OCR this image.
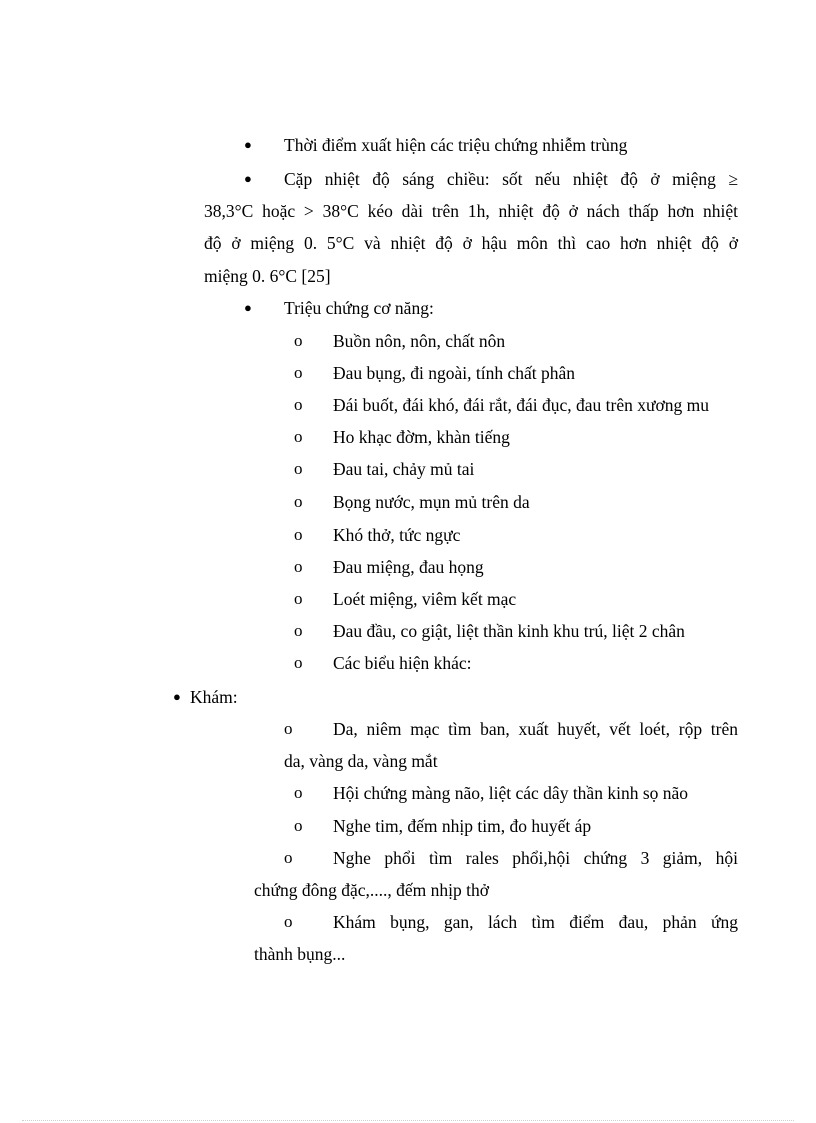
● Thời điểm xuất hiện các triệu chứng nhiễm trùng
● Cặp nhiệt độ sáng chiều: sốt nếu nhiệt độ ở miệng ≥
38,3°C hoặc > 38°C kéo dài trên 1h, nhiệt độ ở nách thấp hơn nhiệt
độ ở miệng 0. 5°C và nhiệt độ ở hậu môn thì cao hơn nhiệt độ ở
miệng 0. 6°C [25]
● Triệu chứng cơ năng:
o Buồn nôn, nôn, chất nôn
o Đau bụng, đi ngoài, tính chất phân
o Đái buốt, đái khó, đái rắt, đái đục, đau trên xương mu
o Ho khạc đờm, khàn tiếng
o Đau tai, chảy mủ tai
o Bọng nước, mụn mủ trên da
o Khó thở, tức ngực
o Đau miệng, đau họng
o Loét miệng, viêm kết mạc
o Đau đầu, co giật, liệt thần kinh khu trú, liệt 2 chân
o Các biểu hiện khác:
● Khám:
o Da, niêm mạc tìm ban, xuất huyết, vết loét, rộp trên
da, vàng da, vàng mắt
o Hội chứng màng não, liệt các dây thần kinh sọ não
o Nghe tim, đếm nhịp tim, đo huyết áp
o Nghe phổi tìm rales phổi,hội chứng 3 giảm, hội
chứng đông đặc,...., đếm nhịp thở
o Khám bụng, gan, lách tìm điểm đau, phản ứng
thành bụng...
